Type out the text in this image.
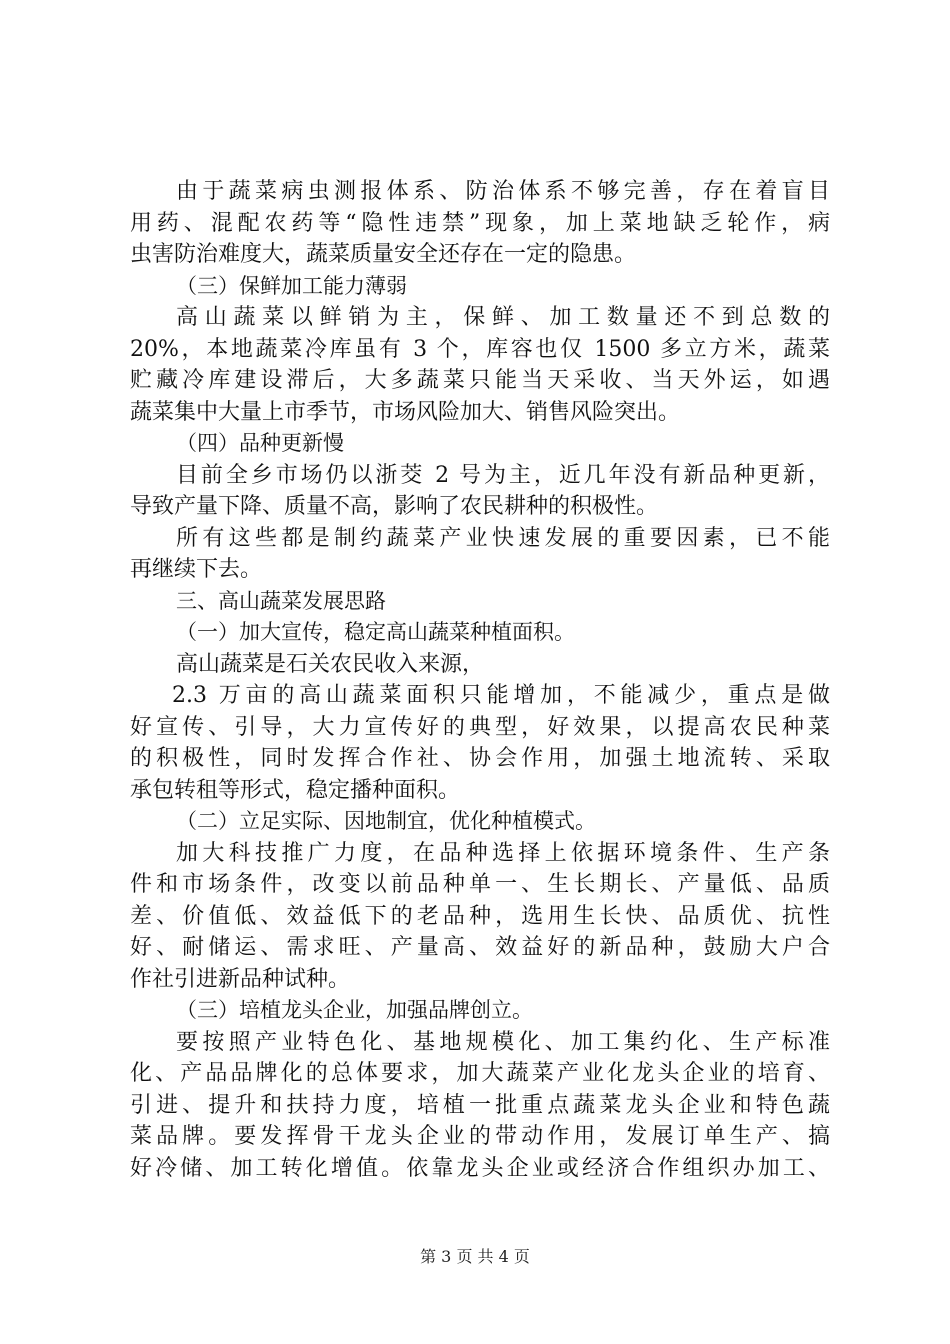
由于蔬菜病虫测报体系、防治体系不够完善，存在着盲目
用药、混配农药等“隐性违禁”现象，加上菜地缺乏轮作，病
虫害防治难度大，蔬菜质量安全还存在一定的隐患。
（三）保鲜加工能力薄弱
高山蔬菜以鲜销为主，保鲜、加工数量还不到总数的
20%，本地蔬菜冷库虽有 3 个，库容也仅 1500 多立方米，蔬菜
贮藏冷库建设滞后，大多蔬菜只能当天采收、当天外运，如遇
蔬菜集中大量上市季节，市场风险加大、销售风险突出。
（四）品种更新慢
目前全乡市场仍以浙茭 2 号为主，近几年没有新品种更新，
导致产量下降、质量不高，影响了农民耕种的积极性。
所有这些都是制约蔬菜产业快速发展的重要因素，已不能
再继续下去。
三、高山蔬菜发展思路
（一）加大宣传，稳定高山蔬菜种植面积。
高山蔬菜是石关农民收入来源，
2.3 万亩的高山蔬菜面积只能增加，不能减少，重点是做
好宣传、引导，大力宣传好的典型，好效果，以提高农民种菜
的积极性，同时发挥合作社、协会作用，加强土地流转、采取
承包转租等形式，稳定播种面积。
（二）立足实际、因地制宜，优化种植模式。
加大科技推广力度，在品种选择上依据环境条件、生产条
件和市场条件，改变以前品种单一、生长期长、产量低、品质
差、价值低、效益低下的老品种，选用生长快、品质优、抗性
好、耐储运、需求旺、产量高、效益好的新品种，鼓励大户合
作社引进新品种试种。
（三）培植龙头企业，加强品牌创立。
要按照产业特色化、基地规模化、加工集约化、生产标准
化、产品品牌化的总体要求，加大蔬菜产业化龙头企业的培育、
引进、提升和扶持力度，培植一批重点蔬菜龙头企业和特色蔬
菜品牌。要发挥骨干龙头企业的带动作用，发展订单生产、搞
好冷储、加工转化增值。依靠龙头企业或经济合作组织办加工、
第 3 页 共 4 页
